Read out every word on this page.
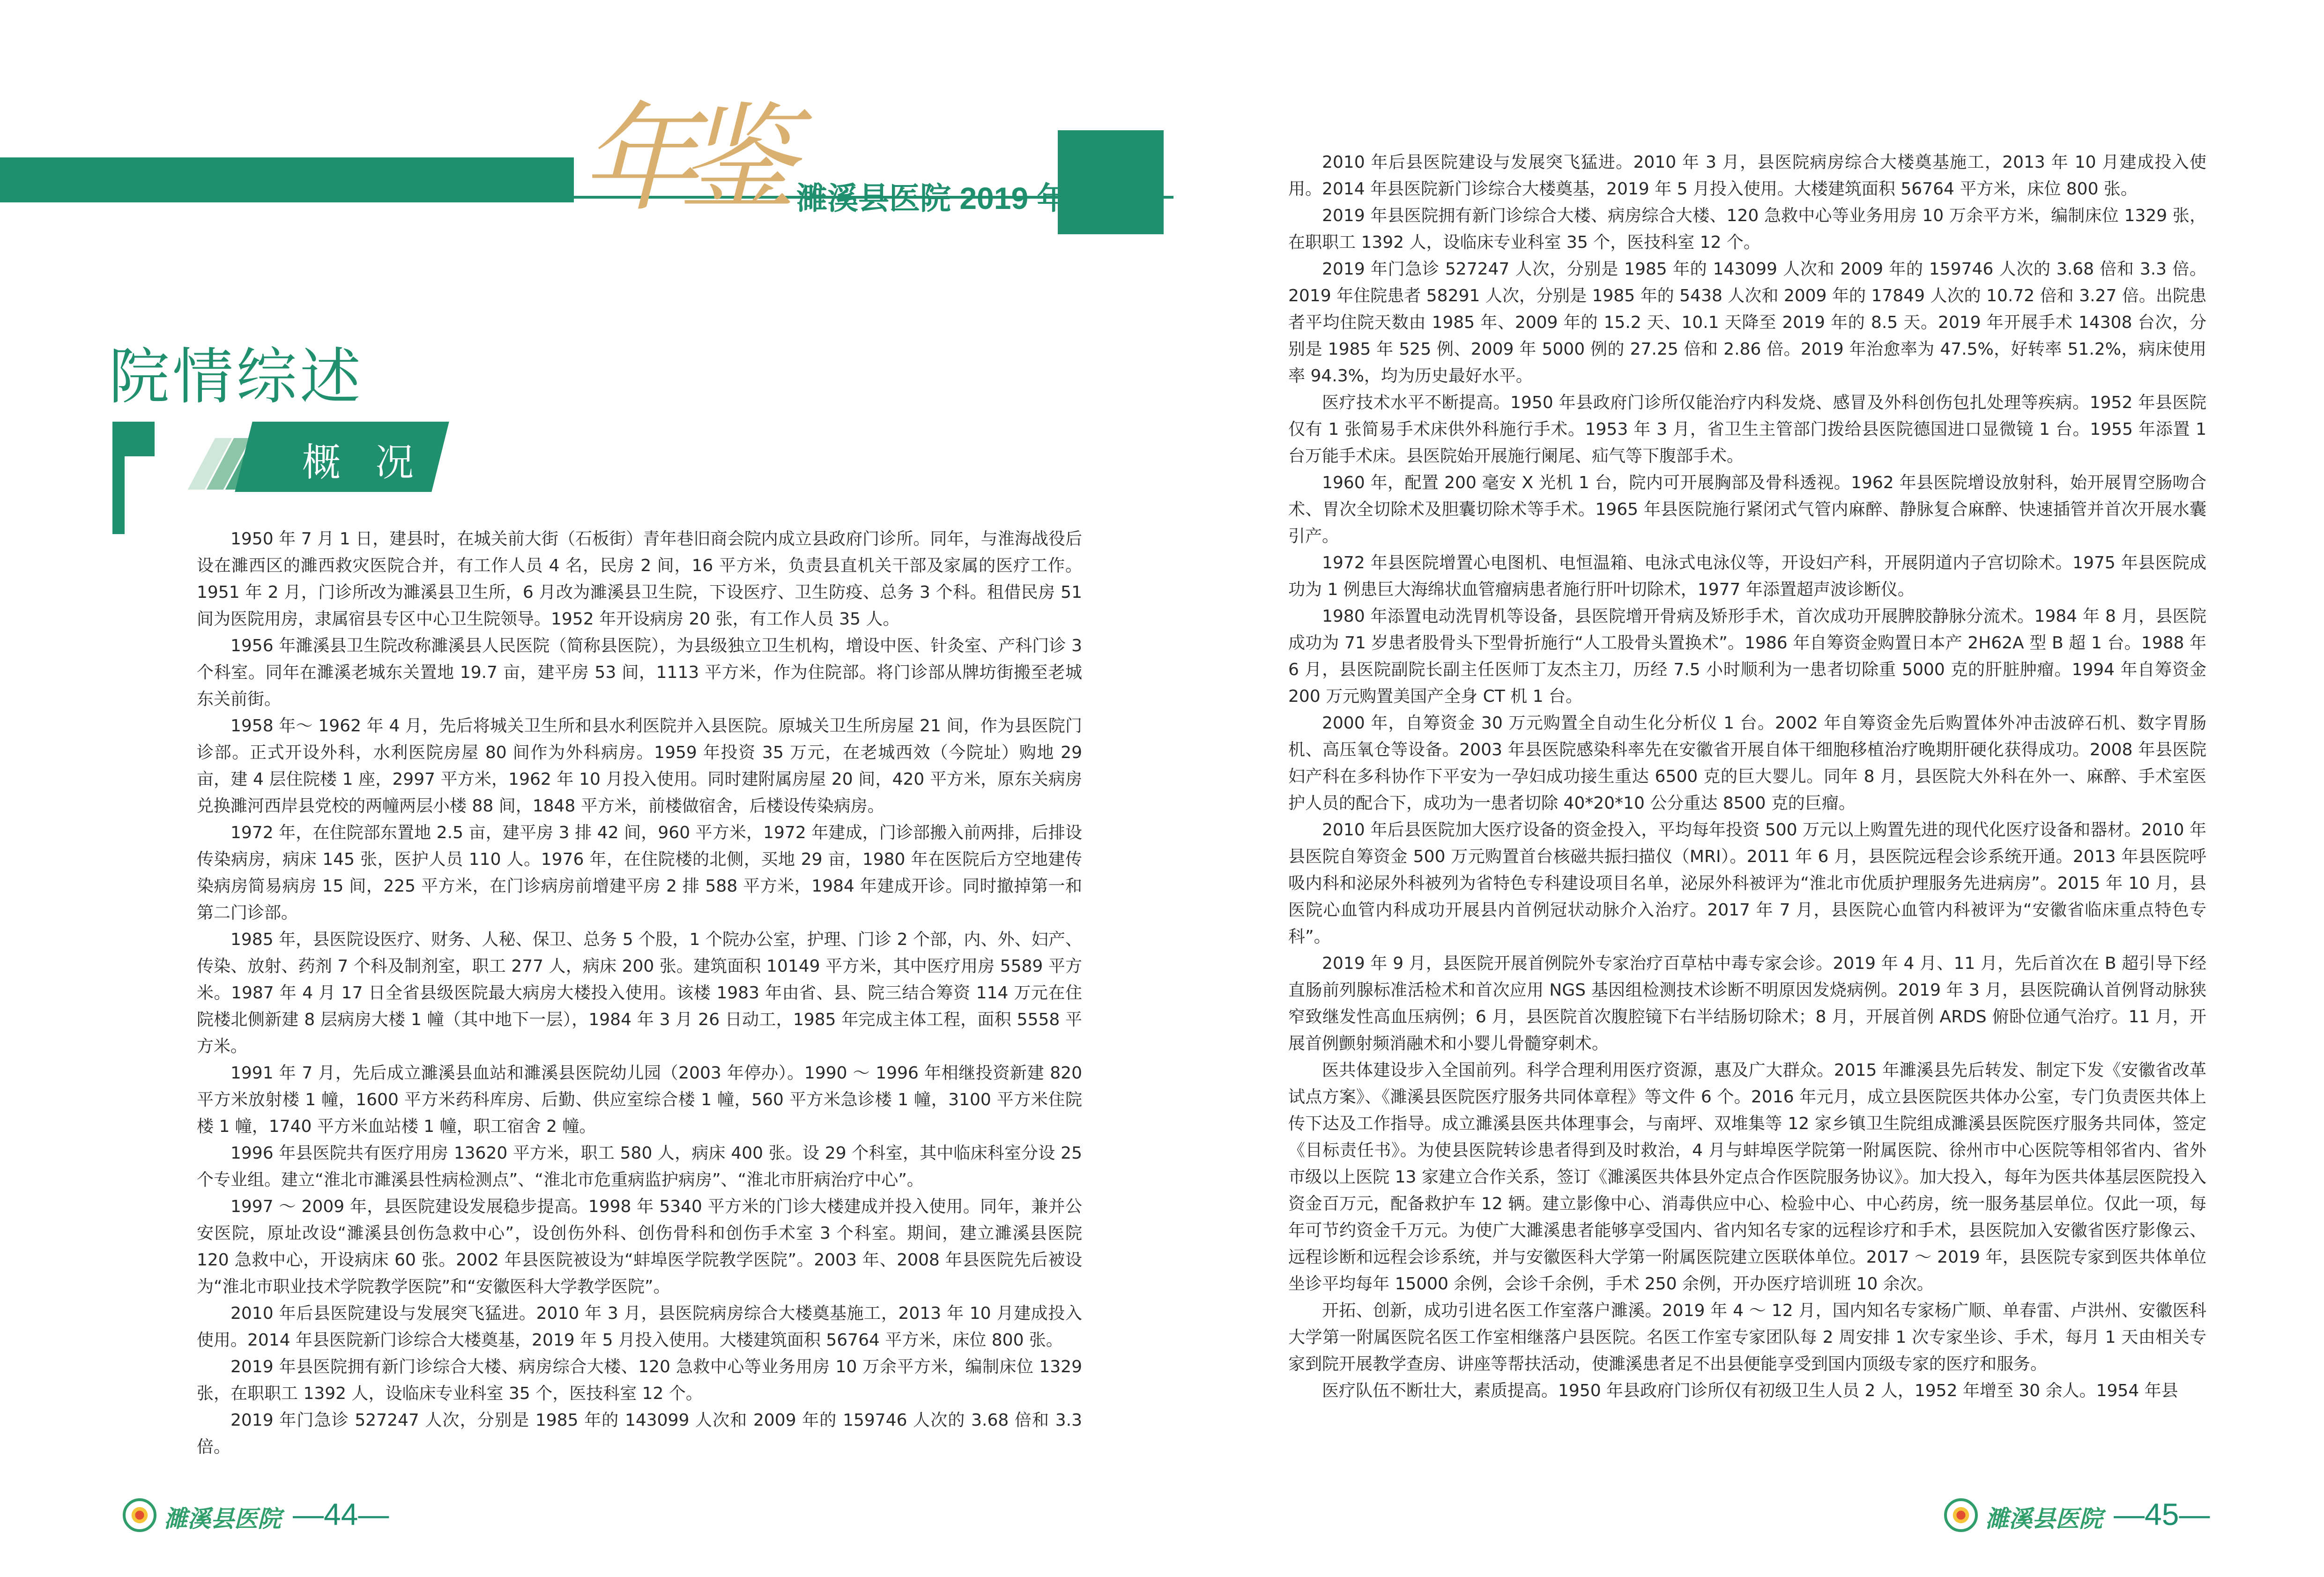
年鉴 濉溪县医院 2019 年
院情综述
概 况

1950 年 7 月 1 日，建县时，在城关前大街（石板街）青年巷旧商会院内成立县政府门诊所。同年，与淮海战役后设在濉西区的濉西救灾医院合并，有工作人员 4 名，民房 2 间，16 平方米，负责县直机关干部及家属的医疗工作。1951 年 2 月，门诊所改为濉溪县卫生所，6 月改为濉溪县卫生院，下设医疗、卫生防疫、总务 3 个科。租借民房 51 间为医院用房，隶属宿县专区中心卫生院领导。1952 年开设病房 20 张，有工作人员 35 人。

1956 年濉溪县卫生院改称濉溪县人民医院（简称县医院），为县级独立卫生机构，增设中医、针灸室、产科门诊 3 个科室。同年在濉溪老城东关置地 19.7 亩，建平房 53 间，1113 平方米，作为住院部。将门诊部从牌坊街搬至老城东关前街。

1958 年～ 1962 年 4 月，先后将城关卫生所和县水利医院并入县医院。原城关卫生所房屋 21 间，作为县医院门诊部。正式开设外科，水利医院房屋 80 间作为外科病房。1959 年投资 35 万元，在老城西效（今院址）购地 29 亩，建 4 层住院楼 1 座，2997 平方米，1962 年 10 月投入使用。同时建附属房屋 20 间，420 平方米，原东关病房兑换濉河西岸县党校的两幢两层小楼 88 间，1848 平方米，前楼做宿舍，后楼设传染病房。

1972 年，在住院部东置地 2.5 亩，建平房 3 排 42 间，960 平方米，1972 年建成，门诊部搬入前两排，后排设传染病房，病床 145 张，医护人员 110 人。1976 年，在住院楼的北侧，买地 29 亩，1980 年在医院后方空地建传染病房简易病房 15 间，225 平方米，在门诊病房前增建平房 2 排 588 平方米，1984 年建成开诊。同时撤掉第一和第二门诊部。

1985 年，县医院设医疗、财务、人秘、保卫、总务 5 个股，1 个院办公室，护理、门诊 2 个部，内、外、妇产、传染、放射、药剂 7 个科及制剂室，职工 277 人，病床 200 张。建筑面积 10149 平方米，其中医疗用房 5589 平方米。1987 年 4 月 17 日全省县级医院最大病房大楼投入使用。该楼 1983 年由省、县、院三结合筹资 114 万元在住院楼北侧新建 8 层病房大楼 1 幢（其中地下一层），1984 年 3 月 26 日动工，1985 年完成主体工程，面积 5558 平方米。

1991 年 7 月，先后成立濉溪县血站和濉溪县医院幼儿园（2003 年停办）。1990 ～ 1996 年相继投资新建 820 平方米放射楼 1 幢，1600 平方米药科库房、后勤、供应室综合楼 1 幢，560 平方米急诊楼 1 幢，3100 平方米住院楼 1 幢，1740 平方米血站楼 1 幢，职工宿舍 2 幢。

1996 年县医院共有医疗用房 13620 平方米，职工 580 人，病床 400 张。设 29 个科室，其中临床科室分设 25 个专业组。建立“淮北市濉溪县性病检测点”、“淮北市危重病监护病房”、“淮北市肝病治疗中心”。

1997 ～ 2009 年，县医院建设发展稳步提高。1998 年 5340 平方米的门诊大楼建成并投入使用。同年，兼并公安医院，原址改设“濉溪县创伤急救中心”，设创伤外科、创伤骨科和创伤手术室 3 个科室。期间，建立濉溪县医院 120 急救中心，开设病床 60 张。2002 年县医院被设为“蚌埠医学院教学医院”。2003 年、2008 年县医院先后被设为“淮北市职业技术学院教学医院”和“安徽医科大学教学医院”。

2010 年后县医院建设与发展突飞猛进。2010 年 3 月，县医院病房综合大楼奠基施工，2013 年 10 月建成投入使用。2014 年县医院新门诊综合大楼奠基，2019 年 5 月投入使用。大楼建筑面积 56764 平方米，床位 800 张。

2019 年县医院拥有新门诊综合大楼、病房综合大楼、120 急救中心等业务用房 10 万余平方米，编制床位 1329 张，在职职工 1392 人，设临床专业科室 35 个，医技科室 12 个。

2019 年门急诊 527247 人次，分别是 1985 年的 143099 人次和 2009 年的 159746 人次的 3.68 倍和 3.3 倍。

2010 年后县医院建设与发展突飞猛进。2010 年 3 月，县医院病房综合大楼奠基施工，2013 年 10 月建成投入使用。2014 年县医院新门诊综合大楼奠基，2019 年 5 月投入使用。大楼建筑面积 56764 平方米，床位 800 张。

2019 年县医院拥有新门诊综合大楼、病房综合大楼、120 急救中心等业务用房 10 万余平方米，编制床位 1329 张，在职职工 1392 人，设临床专业科室 35 个，医技科室 12 个。

2019 年门急诊 527247 人次，分别是 1985 年的 143099 人次和 2009 年的 159746 人次的 3.68 倍和 3.3 倍。2019 年住院患者 58291 人次，分别是 1985 年的 5438 人次和 2009 年的 17849 人次的 10.72 倍和 3.27 倍。出院患者平均住院天数由 1985 年、2009 年的 15.2 天、10.1 天降至 2019 年的 8.5 天。2019 年开展手术 14308 台次，分别是 1985 年 525 例、2009 年 5000 例的 27.25 倍和 2.86 倍。2019 年治愈率为 47.5%，好转率 51.2%，病床使用率 94.3%，均为历史最好水平。

医疗技术水平不断提高。1950 年县政府门诊所仅能治疗内科发烧、感冒及外科创伤包扎处理等疾病。1952 年县医院仅有 1 张简易手术床供外科施行手术。1953 年 3 月，省卫生主管部门拨给县医院德国进口显微镜 1 台。1955 年添置 1 台万能手术床。县医院始开展施行阑尾、疝气等下腹部手术。

1960 年，配置 200 毫安 X 光机 1 台，院内可开展胸部及骨科透视。1962 年县医院增设放射科，始开展胃空肠吻合术、胃次全切除术及胆囊切除术等手术。1965 年县医院施行紧闭式气管内麻醉、静脉复合麻醉、快速插管并首次开展水囊引产。

1972 年县医院增置心电图机、电恒温箱、电泳式电泳仪等，开设妇产科，开展阴道内子宫切除术。1975 年县医院成功为 1 例患巨大海绵状血管瘤病患者施行肝叶切除术，1977 年添置超声波诊断仪。

1980 年添置电动洗胃机等设备，县医院增开骨病及矫形手术，首次成功开展脾胶静脉分流术。1984 年 8 月，县医院成功为 71 岁患者股骨头下型骨折施行“人工股骨头置换术”。1986 年自筹资金购置日本产 2H62A 型 B 超 1 台。1988 年 6 月，县医院副院长副主任医师丁友杰主刀，历经 7.5 小时顺利为一患者切除重 5000 克的肝脏肿瘤。1994 年自筹资金 200 万元购置美国产全身 CT 机 1 台。

2000 年，自筹资金 30 万元购置全自动生化分析仪 1 台。2002 年自筹资金先后购置体外冲击波碎石机、数字胃肠机、高压氧仓等设备。2003 年县医院感染科率先在安徽省开展自体干细胞移植治疗晚期肝硬化获得成功。2008 年县医院妇产科在多科协作下平安为一孕妇成功接生重达 6500 克的巨大婴儿。同年 8 月，县医院大外科在外一、麻醉、手术室医护人员的配合下，成功为一患者切除 40*20*10 公分重达 8500 克的巨瘤。

2010 年后县医院加大医疗设备的资金投入，平均每年投资 500 万元以上购置先进的现代化医疗设备和器材。2010 年县医院自筹资金 500 万元购置首台核磁共振扫描仪（MRI）。2011 年 6 月，县医院远程会诊系统开通。2013 年县医院呼吸内科和泌尿外科被列为省特色专科建设项目名单，泌尿外科被评为“淮北市优质护理服务先进病房”。2015 年 10 月，县医院心血管内科成功开展县内首例冠状动脉介入治疗。2017 年 7 月，县医院心血管内科被评为“安徽省临床重点特色专科”。

2019 年 9 月，县医院开展首例院外专家治疗百草枯中毒专家会诊。2019 年 4 月、11 月，先后首次在 B 超引导下经直肠前列腺标准活检术和首次应用 NGS 基因组检测技术诊断不明原因发烧病例。2019 年 3 月，县医院确认首例肾动脉狭窄致继发性高血压病例；6 月，县医院首次腹腔镜下右半结肠切除术；8 月，开展首例 ARDS 俯卧位通气治疗。11 月，开展首例颤射频消融术和小婴儿骨髓穿刺术。

医共体建设步入全国前列。科学合理利用医疗资源，惠及广大群众。2015 年濉溪县先后转发、制定下发《安徽省改革试点方案》、《濉溪县医院医疗服务共同体章程》等文件 6 个。2016 年元月，成立县医院医共体办公室，专门负责医共体上传下达及工作指导。成立濉溪县医共体理事会，与南坪、双堆集等 12 家乡镇卫生院组成濉溪县医院医疗服务共同体，签定《目标责任书》。为使县医院转诊患者得到及时救治，4 月与蚌埠医学院第一附属医院、徐州市中心医院等相邻省内、省外市级以上医院 13 家建立合作关系，签订《濉溪医共体县外定点合作医院服务协议》。加大投入，每年为医共体基层医院投入资金百万元，配备救护车 12 辆。建立影像中心、消毒供应中心、检验中心、中心药房，统一服务基层单位。仅此一项，每年可节约资金千万元。为使广大濉溪患者能够享受国内、省内知名专家的远程诊疗和手术，县医院加入安徽省医疗影像云、远程诊断和远程会诊系统，并与安徽医科大学第一附属医院建立医联体单位。2017 ～ 2019 年，县医院专家到医共体单位坐诊平均每年 15000 余例，会诊千余例，手术 250 余例，开办医疗培训班 10 余次。

开拓、创新，成功引进名医工作室落户濉溪。2019 年 4 ～ 12 月，国内知名专家杨广顺、单春雷、卢洪州、安徽医科大学第一附属医院名医工作室相继落户县医院。名医工作室专家团队每 2 周安排 1 次专家坐诊、手术，每月 1 天由相关专家到院开展教学查房、讲座等帮扶活动，使濉溪患者足不出县便能享受到国内顶级专家的医疗和服务。

医疗队伍不断壮大，素质提高。1950 年县政府门诊所仅有初级卫生人员 2 人，1952 年增至 30 余人。1954 年县

濉溪县医院 —44—	濉溪县医院 —45—
